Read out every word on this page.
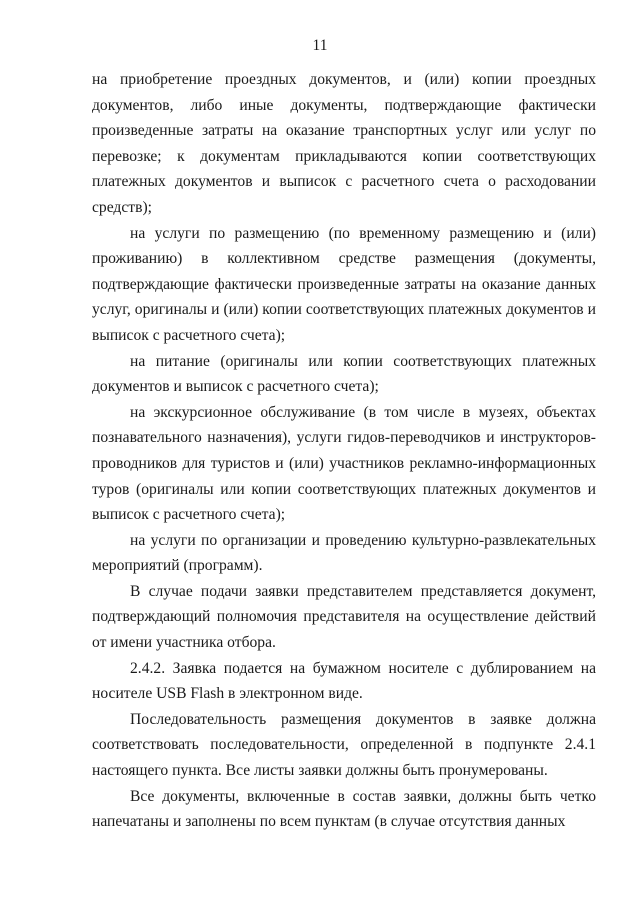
11

на приобретение проездных документов, и (или) копии проездных документов, либо иные документы, подтверждающие фактически произведенные затраты на оказание транспортных услуг или услуг по перевозке; к документам прикладываются копии соответствующих платежных документов и выписок с расчетного счета о расходовании средств);

на услуги по размещению (по временному размещению и (или) проживанию) в коллективном средстве размещения (документы, подтверждающие фактически произведенные затраты на оказание данных услуг, оригиналы и (или) копии соответствующих платежных документов и выписок с расчетного счета);

на питание (оригиналы или копии соответствующих платежных документов и выписок с расчетного счета);

на экскурсионное обслуживание (в том числе в музеях, объектах познавательного назначения), услуги гидов-переводчиков и инструкторов-проводников для туристов и (или) участников рекламно-информационных туров (оригиналы или копии соответствующих платежных документов и выписок с расчетного счета);

на услуги по организации и проведению культурно-развлекательных мероприятий (программ).

В случае подачи заявки представителем представляется документ, подтверждающий полномочия представителя на осуществление действий от имени участника отбора.

2.4.2. Заявка подается на бумажном носителе с дублированием на носителе USB Flash в электронном виде.

Последовательность размещения документов в заявке должна соответствовать последовательности, определенной в подпункте 2.4.1 настоящего пункта. Все листы заявки должны быть пронумерованы.

Все документы, включенные в состав заявки, должны быть четко напечатаны и заполнены по всем пунктам (в случае отсутствия данных
